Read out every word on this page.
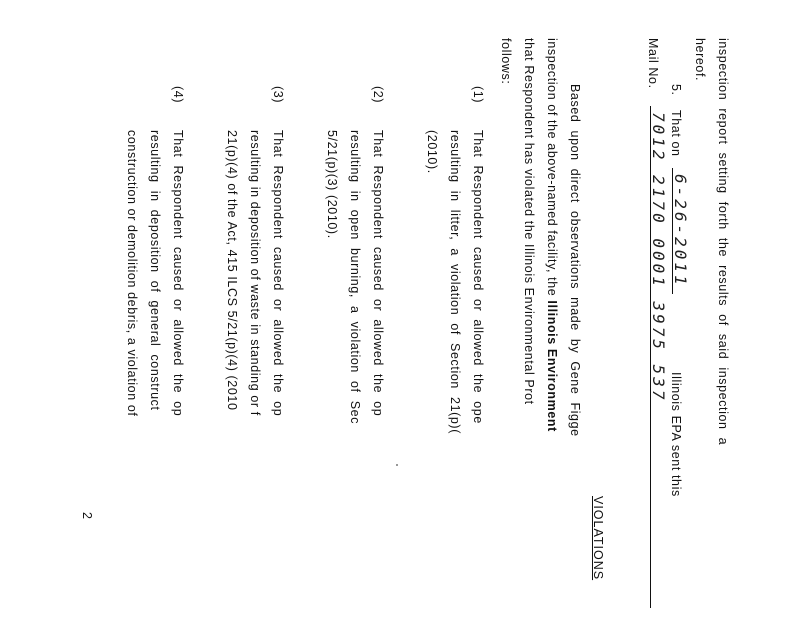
inspection report setting forth the results of said inspection a
hereof.
5.
That on
6-26-2011
Illinois EPA sent this
Mail No.
7012 2170 0001 3975 537
VIOLATIONS
Based upon direct observations made by Gene Figge
inspection of the above-named facility, the Illinois Environment
that Respondent has violated the Illinois Environmental Prot
follows:
(1)
That Respondent caused or allowed the ope
resulting in litter, a violation of Section 21(p)(
(2010).
(2)
That Respondent caused or allowed the op
resulting in open burning, a violation of Sec
5/21(p)(3) (2010).
(3)
That Respondent caused or allowed the op
resulting in deposition of waste in standing or f
21(p)(4) of the Act, 415 ILCS 5/21(p)(4) (2010
(4)
That Respondent caused or allowed the op
resulting in deposition of general construct
construction or demolition debris, a violation of
2
